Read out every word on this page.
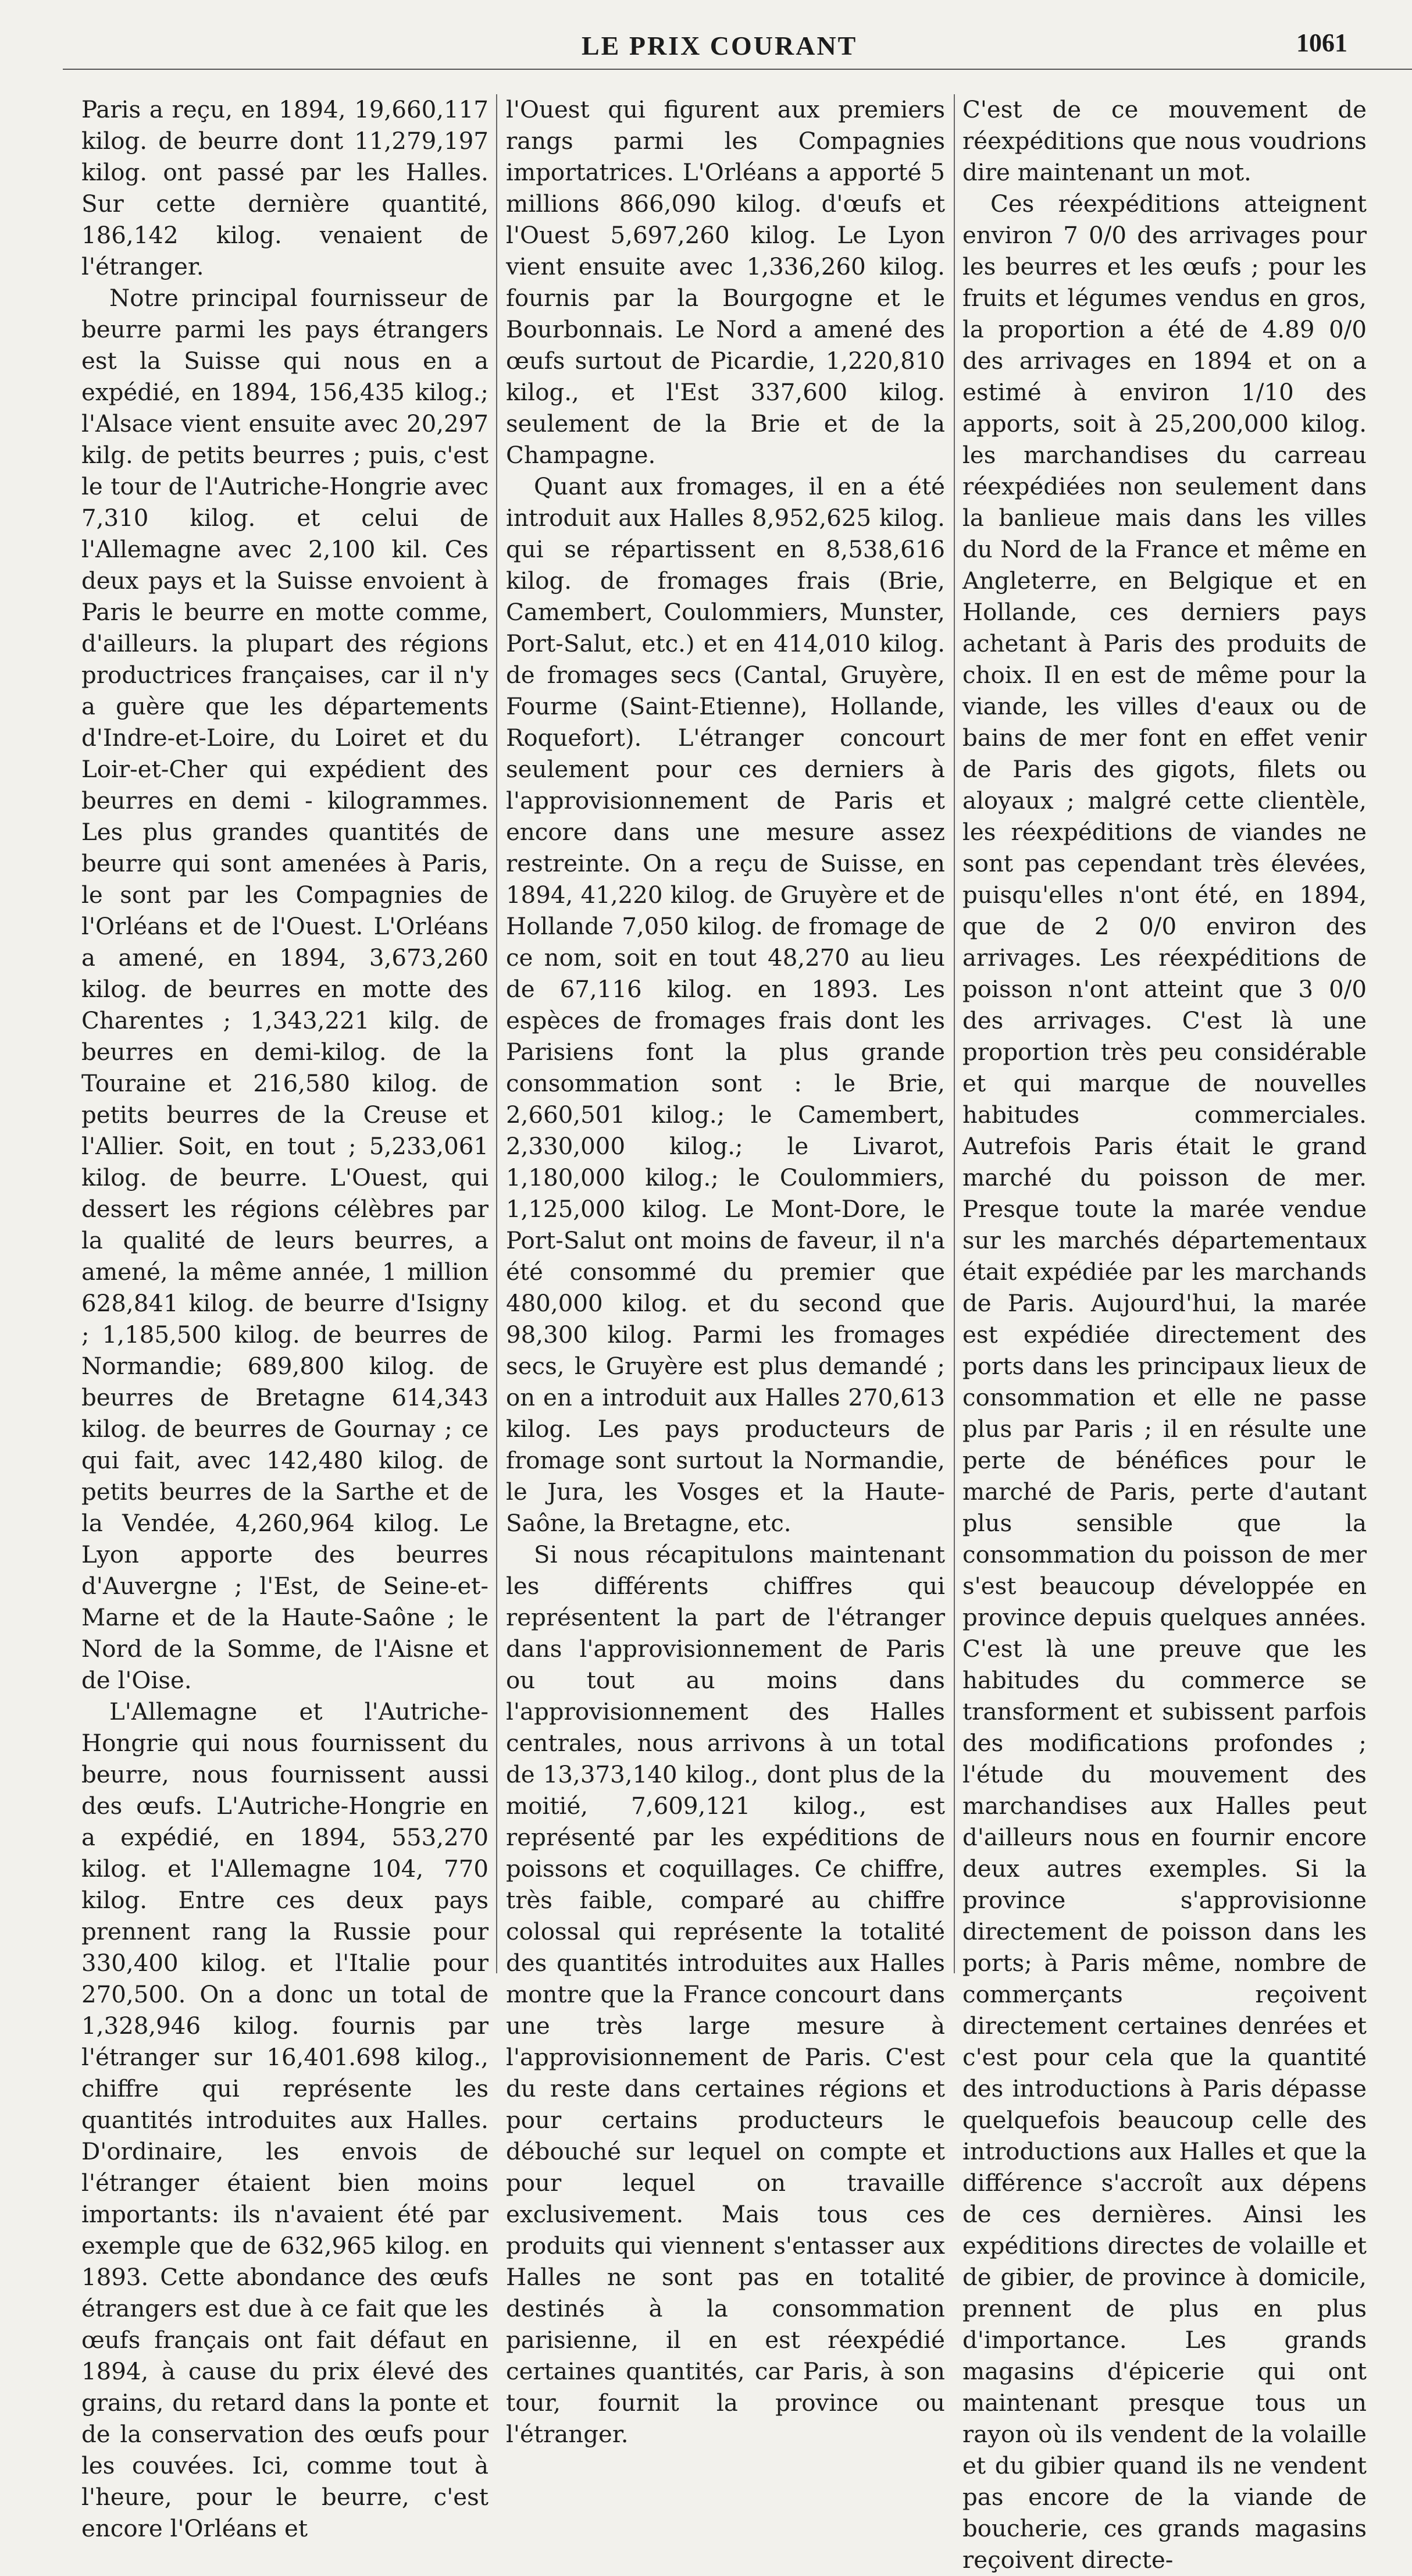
LE PRIX COURANT	1061

Paris a reçu, en 1894, 19,660,117 kilog. de beurre dont 11,279,197 kilog. ont passé par les Halles. Sur cette dernière quantité, 186,142 kilog. venaient de l'étranger.

Notre principal fournisseur de beurre parmi les pays étrangers est la Suisse qui nous en a expédié, en 1894, 156,435 kilog.; l'Alsace vient ensuite avec 20,297 kilg. de petits beurres ; puis, c'est le tour de l'Autriche-Hongrie avec 7,310 kilog. et celui de l'Allemagne avec 2,100 kil. Ces deux pays et la Suisse envoient à Paris le beurre en motte comme, d'ailleurs. la plupart des régions productrices françaises, car il n'y a guère que les départements d'Indre-et-Loire, du Loiret et du Loir-et-Cher qui expédient des beurres en demi - kilogrammes. Les plus grandes quantités de beurre qui sont amenées à Paris, le sont par les Compagnies de l'Orléans et de l'Ouest. L'Orléans a amené, en 1894, 3,673,260 kilog. de beurres en motte des Charentes ; 1,343,221 kilg. de beurres en demi-kilog. de la Touraine et 216,580 kilog. de petits beurres de la Creuse et l'Allier. Soit, en tout ; 5,233,061 kilog. de beurre. L'Ouest, qui dessert les régions célèbres par la qualité de leurs beurres, a amené, la même année, 1 million 628,841 kilog. de beurre d'Isigny ; 1,185,500 kilog. de beurres de Normandie; 689,800 kilog. de beurres de Bretagne 614,343 kilog. de beurres de Gournay ; ce qui fait, avec 142,480 kilog. de petits beurres de la Sarthe et de la Vendée, 4,260,964 kilog. Le Lyon apporte des beurres d'Auvergne ; l'Est, de Seine-et-Marne et de la Haute-Saône ; le Nord de la Somme, de l'Aisne et de l'Oise.

L'Allemagne et l'Autriche-Hongrie qui nous fournissent du beurre, nous fournissent aussi des œufs. L'Autriche-Hongrie en a expédié, en 1894, 553,270 kilog. et l'Allemagne 104, 770 kilog. Entre ces deux pays prennent rang la Russie pour 330,400 kilog. et l'Italie pour 270,500. On a donc un total de 1,328,946 kilog. fournis par l'étranger sur 16,401.698 kilog., chiffre qui représente les quantités introduites aux Halles. D'ordinaire, les envois de l'étranger étaient bien moins importants: ils n'avaient été par exemple que de 632,965 kilog. en 1893. Cette abondance des œufs étrangers est due à ce fait que les œufs français ont fait défaut en 1894, à cause du prix élevé des grains, du retard dans la ponte et de la conservation des œufs pour les couvées. Ici, comme tout à l'heure, pour le beurre, c'est encore l'Orléans et

l'Ouest qui figurent aux premiers rangs parmi les Compagnies importatrices. L'Orléans a apporté 5 millions 866,090 kilog. d'œufs et l'Ouest 5,697,260 kilog. Le Lyon vient ensuite avec 1,336,260 kilog. fournis par la Bourgogne et le Bourbonnais. Le Nord a amené des œufs surtout de Picardie, 1,220,810 kilog., et l'Est 337,600 kilog. seulement de la Brie et de la Champagne.

Quant aux fromages, il en a été introduit aux Halles 8,952,625 kilog. qui se répartissent en 8,538,616 kilog. de fromages frais (Brie, Camembert, Coulommiers, Munster, Port-Salut, etc.) et en 414,010 kilog. de fromages secs (Cantal, Gruyère, Fourme (Saint-Etienne), Hollande, Roquefort). L'étranger concourt seulement pour ces derniers à l'approvisionnement de Paris et encore dans une mesure assez restreinte. On a reçu de Suisse, en 1894, 41,220 kilog. de Gruyère et de Hollande 7,050 kilog. de fromage de ce nom, soit en tout 48,270 au lieu de 67,116 kilog. en 1893. Les espèces de fromages frais dont les Parisiens font la plus grande consommation sont : le Brie, 2,660,501 kilog.; le Camembert, 2,330,000 kilog.; le Livarot, 1,180,000 kilog.; le Coulommiers, 1,125,000 kilog. Le Mont-Dore, le Port-Salut ont moins de faveur, il n'a été consommé du premier que 480,000 kilog. et du second que 98,300 kilog. Parmi les fromages secs, le Gruyère est plus demandé ; on en a introduit aux Halles 270,613 kilog. Les pays producteurs de fromage sont surtout la Normandie, le Jura, les Vosges et la Haute-Saône, la Bretagne, etc.

Si nous récapitulons maintenant les différents chiffres qui représentent la part de l'étranger dans l'approvisionnement de Paris ou tout au moins dans l'approvisionnement des Halles centrales, nous arrivons à un total de 13,373,140 kilog., dont plus de la moitié, 7,609,121 kilog., est représenté par les expéditions de poissons et coquillages. Ce chiffre, très faible, comparé au chiffre colossal qui représente la totalité des quantités introduites aux Halles montre que la France concourt dans une très large mesure à l'approvisionnement de Paris. C'est du reste dans certaines régions et pour certains producteurs le débouché sur lequel on compte et pour lequel on travaille exclusivement. Mais tous ces produits qui viennent s'entasser aux Halles ne sont pas en totalité destinés à la consommation parisienne, il en est réexpédié certaines quantités, car Paris, à son tour, fournit la province ou l'étranger.

C'est de ce mouvement de réexpéditions que nous voudrions dire maintenant un mot.

Ces réexpéditions atteignent environ 7 0/0 des arrivages pour les beurres et les œufs ; pour les fruits et légumes vendus en gros, la proportion a été de 4.89 0/0 des arrivages en 1894 et on a estimé à environ 1/10 des apports, soit à 25,200,000 kilog. les marchandises du carreau réexpédiées non seulement dans la banlieue mais dans les villes du Nord de la France et même en Angleterre, en Belgique et en Hollande, ces derniers pays achetant à Paris des produits de choix. Il en est de même pour la viande, les villes d'eaux ou de bains de mer font en effet venir de Paris des gigots, filets ou aloyaux ; malgré cette clientèle, les réexpéditions de viandes ne sont pas cependant très élevées, puisqu'elles n'ont été, en 1894, que de 2 0/0 environ des arrivages. Les réexpéditions de poisson n'ont atteint que 3 0/0 des arrivages. C'est là une proportion très peu considérable et qui marque de nouvelles habitudes commerciales. Autrefois Paris était le grand marché du poisson de mer. Presque toute la marée vendue sur les marchés départementaux était expédiée par les marchands de Paris. Aujourd'hui, la marée est expédiée directement des ports dans les principaux lieux de consommation et elle ne passe plus par Paris ; il en résulte une perte de bénéfices pour le marché de Paris, perte d'autant plus sensible que la consommation du poisson de mer s'est beaucoup développée en province depuis quelques années. C'est là une preuve que les habitudes du commerce se transforment et subissent parfois des modifications profondes ; l'étude du mouvement des marchandises aux Halles peut d'ailleurs nous en fournir encore deux autres exemples. Si la province s'approvisionne directement de poisson dans les ports; à Paris même, nombre de commerçants reçoivent directement certaines denrées et c'est pour cela que la quantité des introductions à Paris dépasse quelquefois beaucoup celle des introductions aux Halles et que la différence s'accroît aux dépens de ces dernières. Ainsi les expéditions directes de volaille et de gibier, de province à domicile, prennent de plus en plus d'importance. Les grands magasins d'épicerie qui ont maintenant presque tous un rayon où ils vendent de la volaille et du gibier quand ils ne vendent pas encore de la viande de boucherie, ces grands magasins reçoivent directe-
